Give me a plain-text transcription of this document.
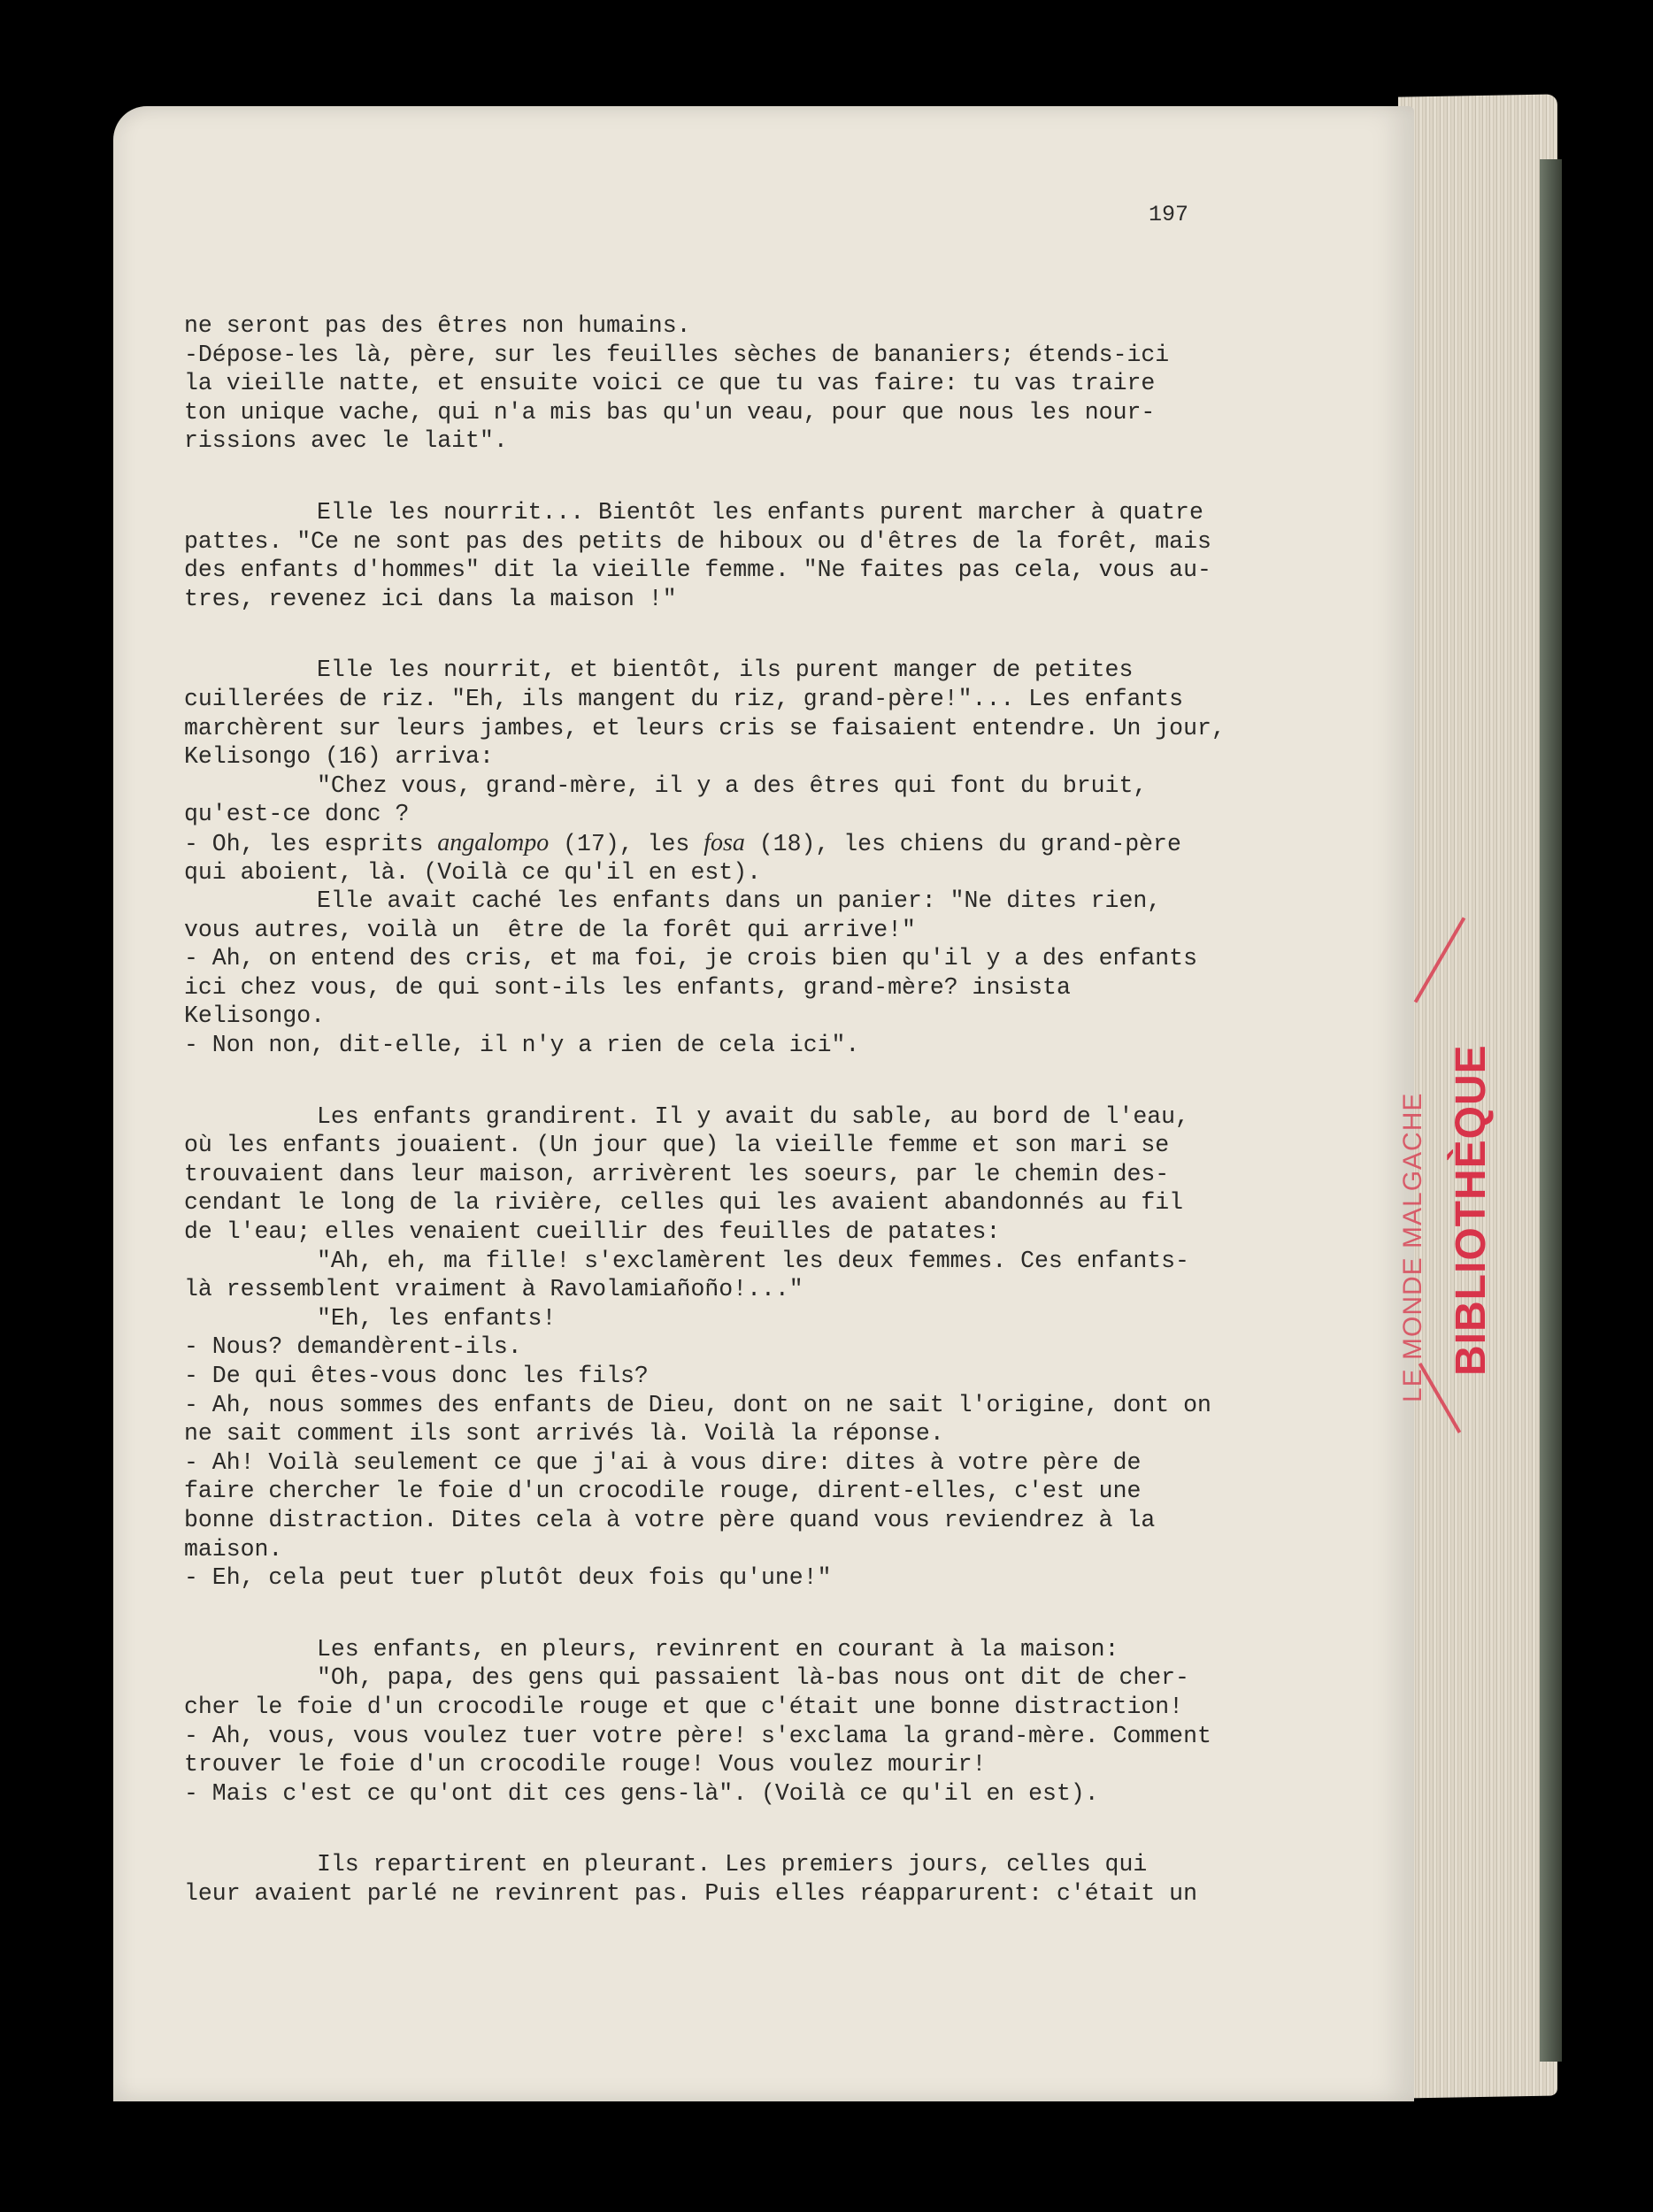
LE MONDE MALGACHE BIBLIOTHÈQUE
197
ne seront pas des êtres non humains.
-Dépose-les là, père, sur les feuilles sèches de bananiers; étends-ici
la vieille natte, et ensuite voici ce que tu vas faire: tu vas traire
ton unique vache, qui n'a mis bas qu'un veau, pour que nous les nour-
rissions avec le lait".
Elle les nourrit... Bientôt les enfants purent marcher à quatre
pattes. "Ce ne sont pas des petits de hiboux ou d'êtres de la forêt, mais
des enfants d'hommes" dit la vieille femme. "Ne faites pas cela, vous au-
tres, revenez ici dans la maison !"
Elle les nourrit, et bientôt, ils purent manger de petites
cuillerées de riz. "Eh, ils mangent du riz, grand-père!"... Les enfants
marchèrent sur leurs jambes, et leurs cris se faisaient entendre. Un jour,
Kelisongo (16) arriva:
"Chez vous, grand-mère, il y a des êtres qui font du bruit,
qu'est-ce donc ?
- Oh, les esprits angalompo (17), les fosa (18), les chiens du grand-père
qui aboient, là. (Voilà ce qu'il en est).
Elle avait caché les enfants dans un panier: "Ne dites rien,
vous autres, voilà un  être de la forêt qui arrive!"
- Ah, on entend des cris, et ma foi, je crois bien qu'il y a des enfants
ici chez vous, de qui sont-ils les enfants, grand-mère? insista
Kelisongo.
- Non non, dit-elle, il n'y a rien de cela ici".
Les enfants grandirent. Il y avait du sable, au bord de l'eau,
où les enfants jouaient. (Un jour que) la vieille femme et son mari se
trouvaient dans leur maison, arrivèrent les soeurs, par le chemin des-
cendant le long de la rivière, celles qui les avaient abandonnés au fil
de l'eau; elles venaient cueillir des feuilles de patates:
"Ah, eh, ma fille! s'exclamèrent les deux femmes. Ces enfants-
là ressemblent vraiment à Ravolamiañoño!..."
"Eh, les enfants!
- Nous? demandèrent-ils.
- De qui êtes-vous donc les fils?
- Ah, nous sommes des enfants de Dieu, dont on ne sait l'origine, dont on
ne sait comment ils sont arrivés là. Voilà la réponse.
- Ah! Voilà seulement ce que j'ai à vous dire: dites à votre père de
faire chercher le foie d'un crocodile rouge, dirent-elles, c'est une
bonne distraction. Dites cela à votre père quand vous reviendrez à la
maison.
- Eh, cela peut tuer plutôt deux fois qu'une!"
Les enfants, en pleurs, revinrent en courant à la maison:
"Oh, papa, des gens qui passaient là-bas nous ont dit de cher-
cher le foie d'un crocodile rouge et que c'était une bonne distraction!
- Ah, vous, vous voulez tuer votre père! s'exclama la grand-mère. Comment
trouver le foie d'un crocodile rouge! Vous voulez mourir!
- Mais c'est ce qu'ont dit ces gens-là". (Voilà ce qu'il en est).
Ils repartirent en pleurant. Les premiers jours, celles qui
leur avaient parlé ne revinrent pas. Puis elles réapparurent: c'était un
